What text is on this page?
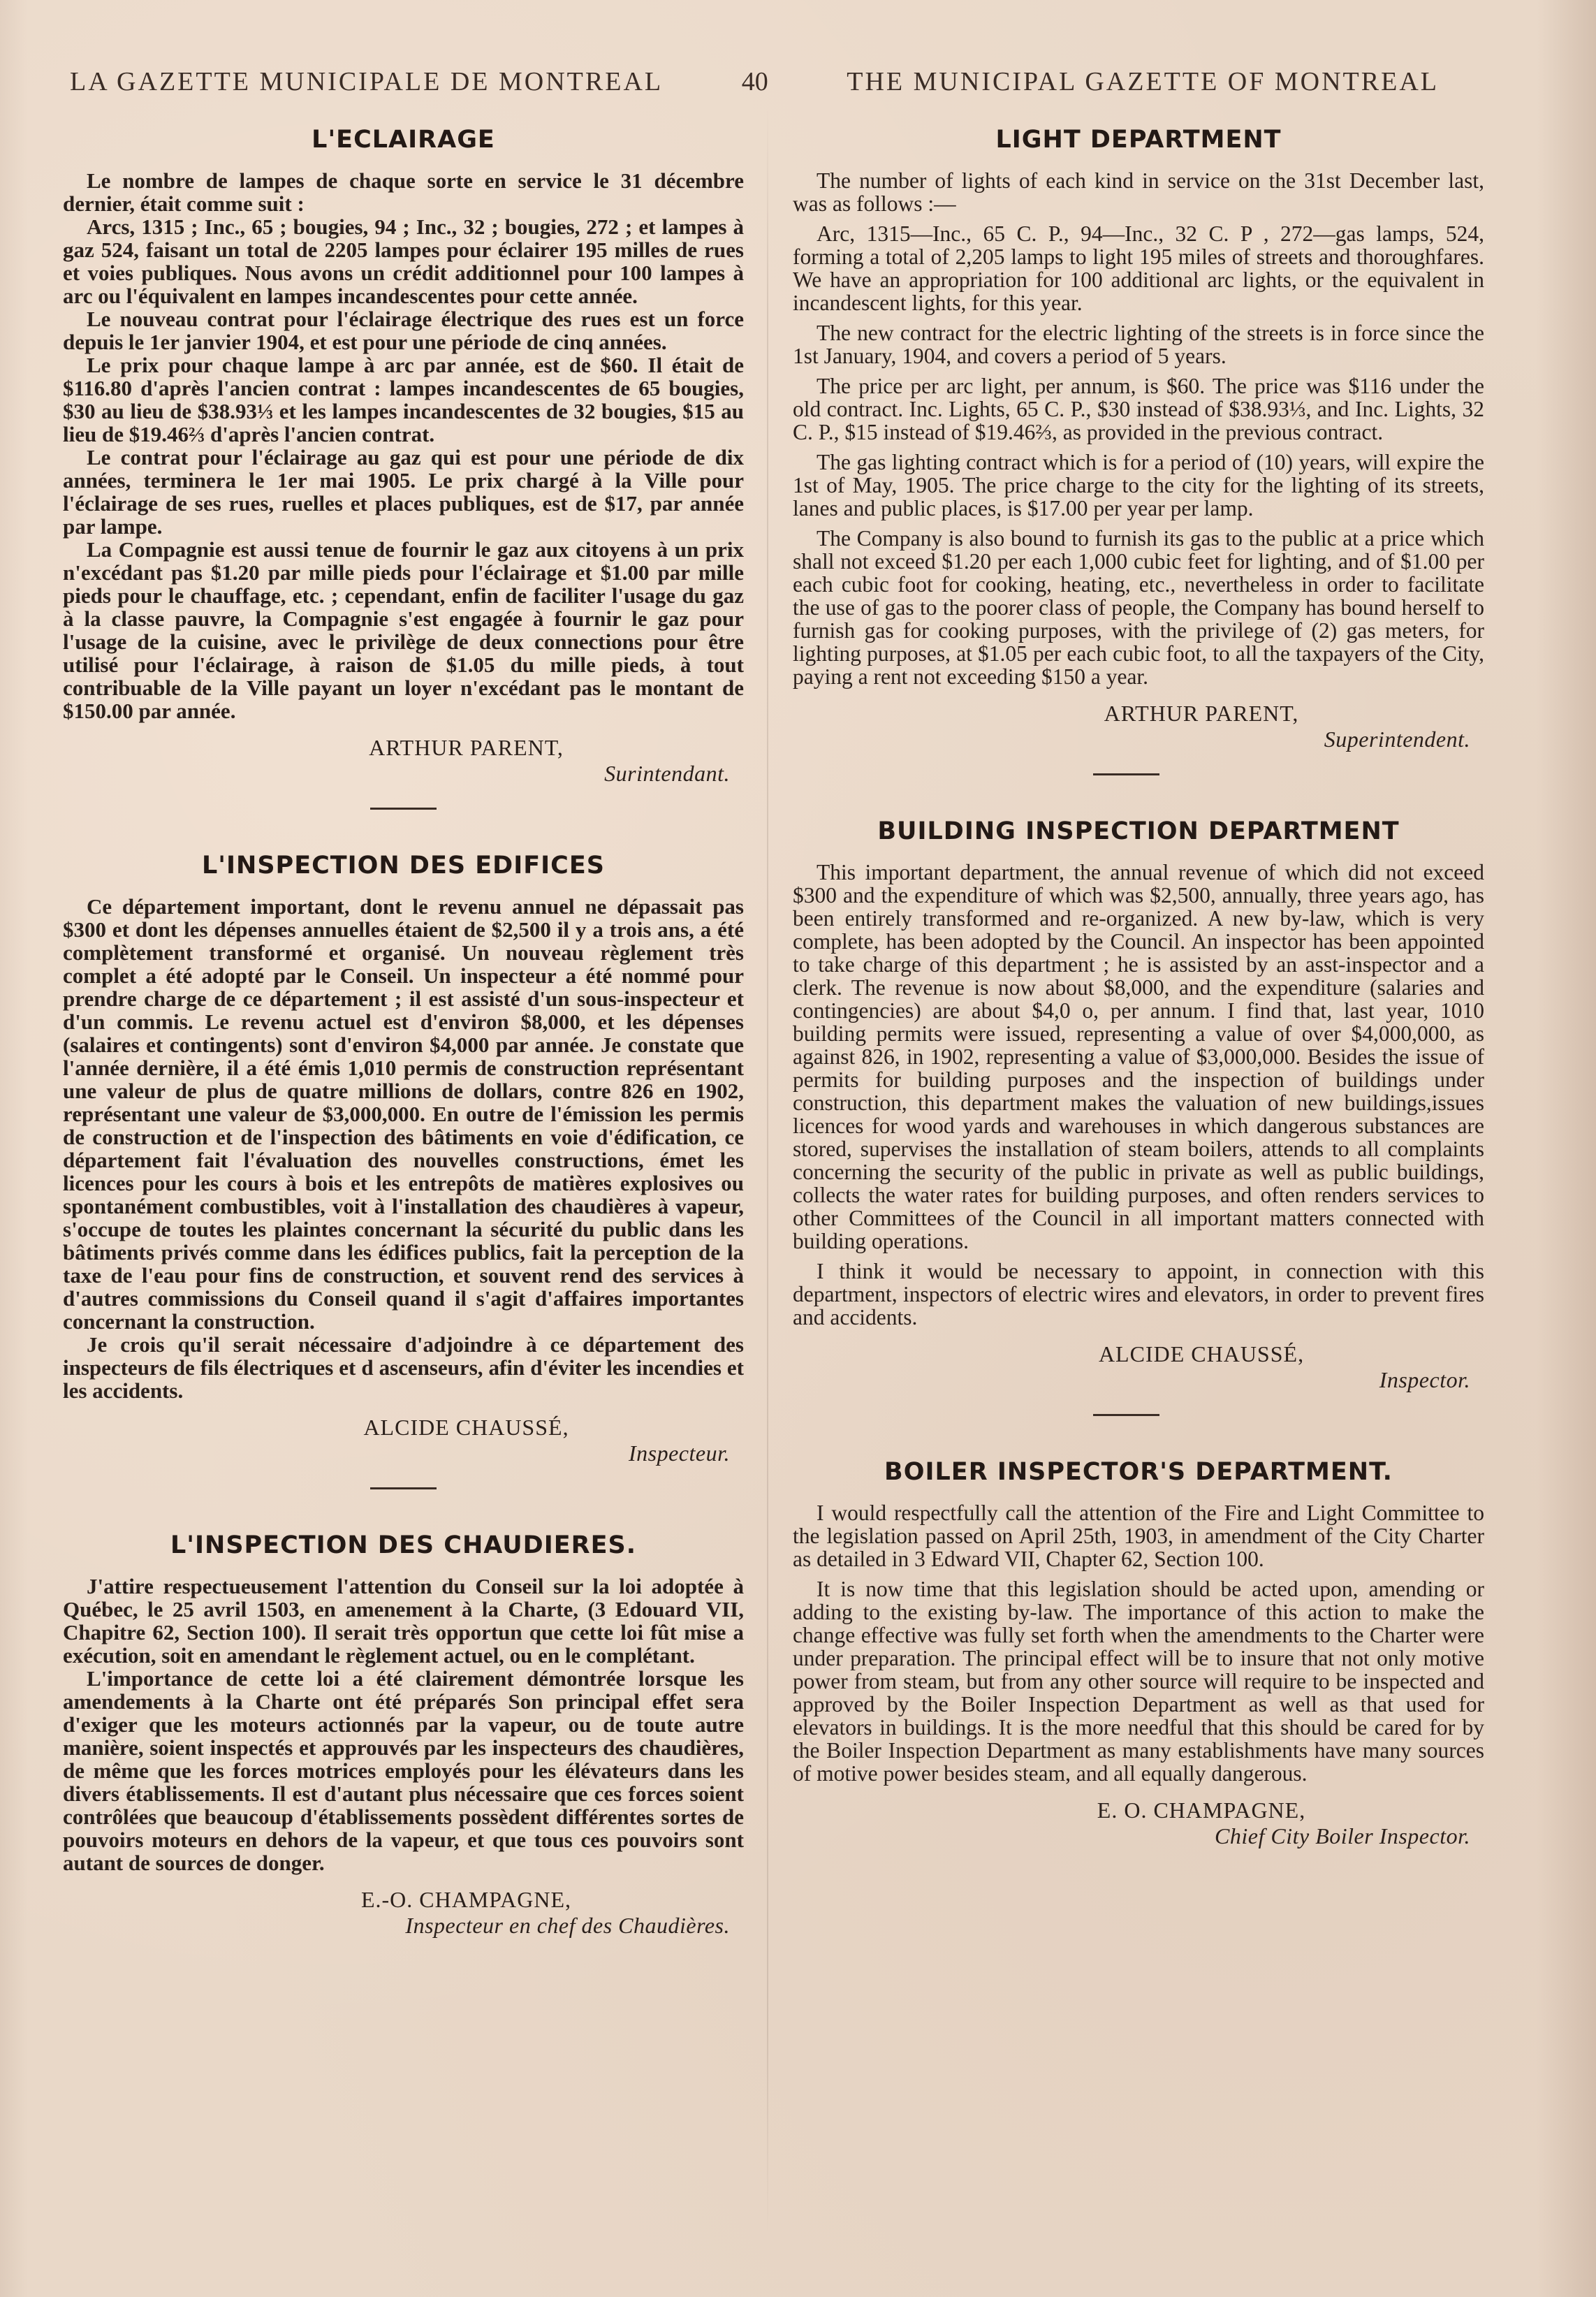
LA GAZETTE MUNICIPALE DE MONTREAL	40	THE MUNICIPAL GAZETTE OF MONTREAL
L'ECLAIRAGE

Le nombre de lampes de chaque sorte en service le 31 décembre dernier, était comme suit :

Arcs, 1315 ; Inc., 65 ; bougies, 94 ; Inc., 32 ; bougies, 272 ; et lampes à gaz 524, faisant un total de 2205 lampes pour éclairer 195 milles de rues et voies publiques. Nous avons un crédit additionnel pour 100 lampes à arc ou l'équivalent en lampes incandescentes pour cette année.

Le nouveau contrat pour l'éclairage électrique des rues est un force depuis le 1er janvier 1904, et est pour une période de cinq années.

Le prix pour chaque lampe à arc par année, est de $60. Il était de $116.80 d'après l'ancien contrat : lampes incandescentes de 65 bougies, $30 au lieu de $38.93⅓ et les lampes incandescentes de 32 bougies, $15 au lieu de $19.46⅔ d'après l'ancien contrat.

Le contrat pour l'éclairage au gaz qui est pour une période de dix années, terminera le 1er mai 1905. Le prix chargé à la Ville pour l'éclairage de ses rues, ruelles et places publiques, est de $17, par année par lampe.

La Compagnie est aussi tenue de fournir le gaz aux citoyens à un prix n'excédant pas $1.20 par mille pieds pour l'éclairage et $1.00 par mille pieds pour le chauffage, etc. ; cependant, enfin de faciliter l'usage du gaz à la classe pauvre, la Compagnie s'est engagée à fournir le gaz pour l'usage de la cuisine, avec le privilège de deux connections pour être utilisé pour l'éclairage, à raison de $1.05 du mille pieds, à tout contribuable de la Ville payant un loyer n'excédant pas le montant de $150.00 par année.

ARTHUR PARENT,
Surintendant.
L'INSPECTION DES EDIFICES

Ce département important, dont le revenu annuel ne dépassait pas $300 et dont les dépenses annuelles étaient de $2,500 il y a trois ans, a été complètement transformé et organisé. Un nouveau règlement très complet a été adopté par le Conseil. Un inspecteur a été nommé pour prendre charge de ce département ; il est assisté d'un sous-inspecteur et d'un commis. Le revenu actuel est d'environ $8,000, et les dépenses (salaires et contingents) sont d'environ $4,000 par année. Je constate que l'année dernière, il a été émis 1,010 permis de construction représentant une valeur de plus de quatre millions de dollars, contre 826 en 1902, représentant une valeur de $3,000,000. En outre de l'émission les permis de construction et de l'inspection des bâtiments en voie d'édification, ce département fait l'évaluation des nouvelles constructions, émet les licences pour les cours à bois et les entrepôts de matières explosives ou spontanément combustibles, voit à l'installation des chaudières à vapeur, s'occupe de toutes les plaintes concernant la sécurité du public dans les bâtiments privés comme dans les édifices publics, fait la perception de la taxe de l'eau pour fins de construction, et souvent rend des services à d'autres commissions du Conseil quand il s'agit d'affaires importantes concernant la construction.

Je crois qu'il serait nécessaire d'adjoindre à ce département des inspecteurs de fils électriques et d ascenseurs, afin d'éviter les incendies et les accidents.

ALCIDE CHAUSSÉ,
Inspecteur.
L'INSPECTION DES CHAUDIERES.

J'attire respectueusement l'attention du Conseil sur la loi adoptée à Québec, le 25 avril 1503, en amenement à la Charte, (3 Edouard VII, Chapitre 62, Section 100). Il serait très opportun que cette loi fût mise a exécution, soit en amendant le règlement actuel, ou en le complétant.

L'importance de cette loi a été clairement démontrée lorsque les amendements à la Charte ont été préparés Son principal effet sera d'exiger que les moteurs actionnés par la vapeur, ou de toute autre manière, soient inspectés et approuvés par les inspecteurs des chaudières, de même que les forces motrices employés pour les élévateurs dans les divers établissements. Il est d'autant plus nécessaire que ces forces soient contrôlées que beaucoup d'établissements possèdent différentes sortes de pouvoirs moteurs en dehors de la vapeur, et que tous ces pouvoirs sont autant de sources de donger.

E.-O. CHAMPAGNE,
Inspecteur en chef des Chaudières.
LIGHT DEPARTMENT

The number of lights of each kind in service on the 31st December last, was as follows :—

Arc, 1315—Inc., 65 C. P., 94—Inc., 32 C. P , 272—gas lamps, 524, forming a total of 2,205 lamps to light 195 miles of streets and thoroughfares. We have an appropriation for 100 additional arc lights, or the equivalent in incandescent lights, for this year.

The new contract for the electric lighting of the streets is in force since the 1st January, 1904, and covers a period of 5 years.

The price per arc light, per annum, is $60. The price was $116 under the old contract. Inc. Lights, 65 C. P., $30 instead of $38.93⅓, and Inc. Lights, 32 C. P., $15 instead of $19.46⅔, as provided in the previous contract.

The gas lighting contract which is for a period of (10) years, will expire the 1st of May, 1905. The price charge to the city for the lighting of its streets, lanes and public places, is $17.00 per year per lamp.

The Company is also bound to furnish its gas to the public at a price which shall not exceed $1.20 per each 1,000 cubic feet for lighting, and of $1.00 per each cubic foot for cooking, heating, etc., nevertheless in order to facilitate the use of gas to the poorer class of people, the Company has bound herself to furnish gas for cooking purposes, with the privilege of (2) gas meters, for lighting purposes, at $1.05 per each cubic foot, to all the taxpayers of the City, paying a rent not exceeding $150 a year.

ARTHUR PARENT,
Superintendent.
BUILDING INSPECTION DEPARTMENT

This important department, the annual revenue of which did not exceed $300 and the expenditure of which was $2,500, annually, three years ago, has been entirely transformed and re-organized. A new by-law, which is very complete, has been adopted by the Council. An inspector has been appointed to take charge of this department ; he is assisted by an asst-inspector and a clerk. The revenue is now about $8,000, and the expenditure (salaries and contingencies) are about $4,0 o, per annum. I find that, last year, 1010 building permits were issued, representing a value of over $4,000,000, as against 826, in 1902, representing a value of $3,000,000. Besides the issue of permits for building purposes and the inspection of buildings under construction, this department makes the valuation of new buildings,issues licences for wood yards and warehouses in which dangerous substances are stored, supervises the installation of steam boilers, attends to all complaints concerning the security of the public in private as well as public buildings, collects the water rates for building purposes, and often renders services to other Committees of the Council in all important matters connected with building operations.

I think it would be necessary to appoint, in connection with this department, inspectors of electric wires and elevators, in order to prevent fires and accidents.

ALCIDE CHAUSSÉ,
Inspector.
BOILER INSPECTOR'S DEPARTMENT.

I would respectfully call the attention of the Fire and Light Committee to the legislation passed on April 25th, 1903, in amendment of the City Charter as detailed in 3 Edward VII, Chapter 62, Section 100.

It is now time that this legislation should be acted upon, amending or adding to the existing by-law. The importance of this action to make the change effective was fully set forth when the amendments to the Charter were under preparation. The principal effect will be to insure that not only motive power from steam, but from any other source will require to be inspected and approved by the Boiler Inspection Department as well as that used for elevators in buildings. It is the more needful that this should be cared for by the Boiler Inspection Department as many establishments have many sources of motive power besides steam, and all equally dangerous.

E. O. CHAMPAGNE,
Chief City Boiler Inspector.
